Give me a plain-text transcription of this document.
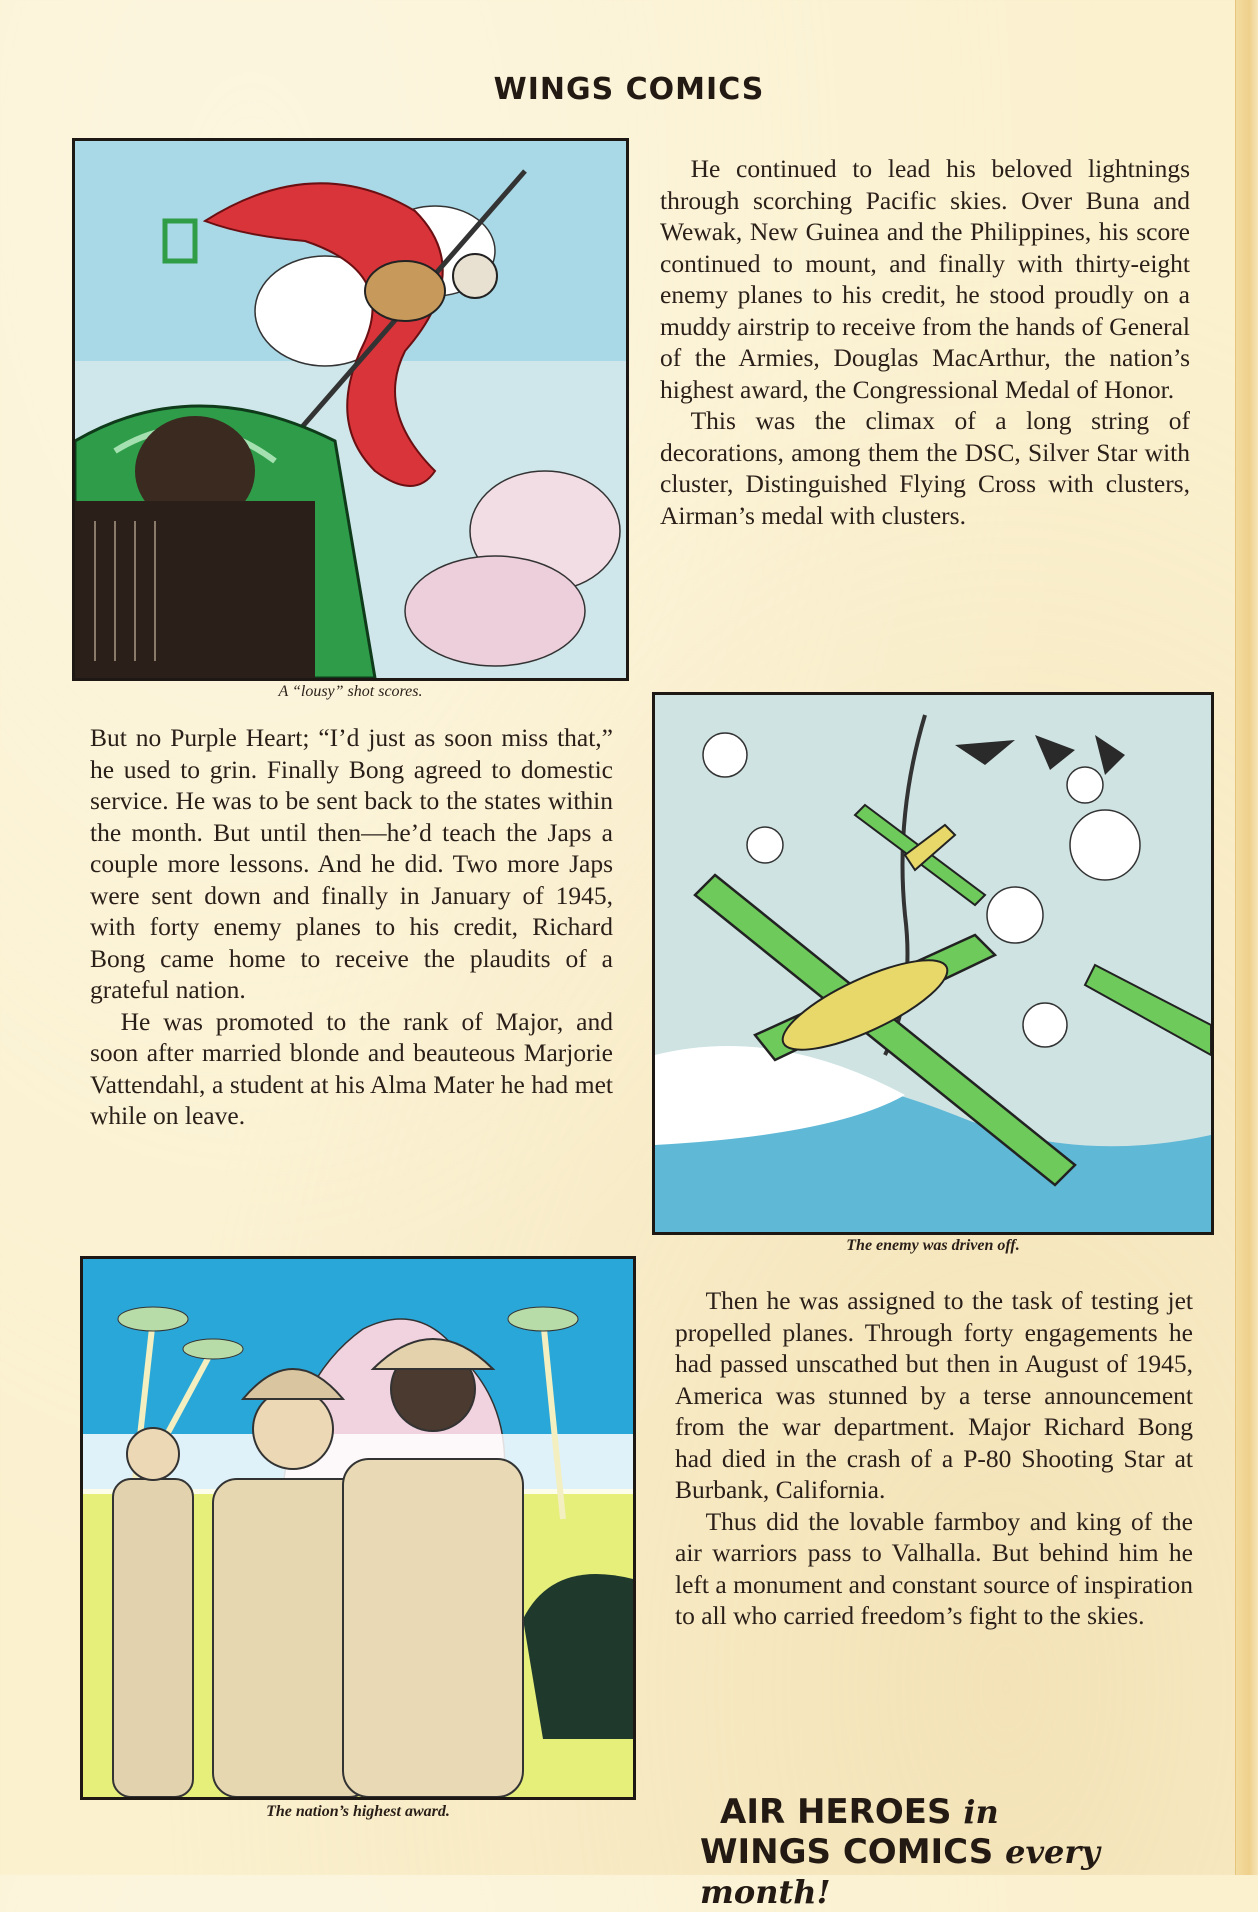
WINGS COMICS
A “lousy” shot scores.

He continued to lead his beloved lightnings through scorching Pacific skies. Over Buna and Wewak, New Guinea and the Philippines, his score continued to mount, and finally with thirty-eight enemy planes to his credit, he stood proudly on a muddy airstrip to receive from the hands of General of the Armies, Douglas MacArthur, the nation’s highest award, the Congressional Medal of Honor.

This was the climax of a long string of decorations, among them the DSC, Silver Star with cluster, Distinguished Flying Cross with clusters, Airman’s medal with clusters.

But no Purple Heart; “I’d just as soon miss that,” he used to grin. Finally Bong agreed to domestic service. He was to be sent back to the states within the month. But until then—he’d teach the Japs a couple more lessons. And he did. Two more Japs were sent down and finally in January of 1945, with forty enemy planes to his credit, Richard Bong came home to receive the plaudits of a grateful nation.

He was promoted to the rank of Major, and soon after married blonde and beauteous Marjorie Vattendahl, a student at his Alma Mater he had met while on leave.

The enemy was driven off.
The nation’s highest award.

Then he was assigned to the task of testing jet propelled planes. Through forty engagements he had passed unscathed but then in August of 1945, America was stunned by a terse announcement from the war department. Major Richard Bong had died in the crash of a P-80 Shooting Star at Burbank, California.

Thus did the lovable farmboy and king of the air warriors pass to Valhalla. But behind him he left a monument and constant source of inspiration to all who carried freedom’s fight to the skies.

AIR HEROES in
WINGS COMICS every month!
